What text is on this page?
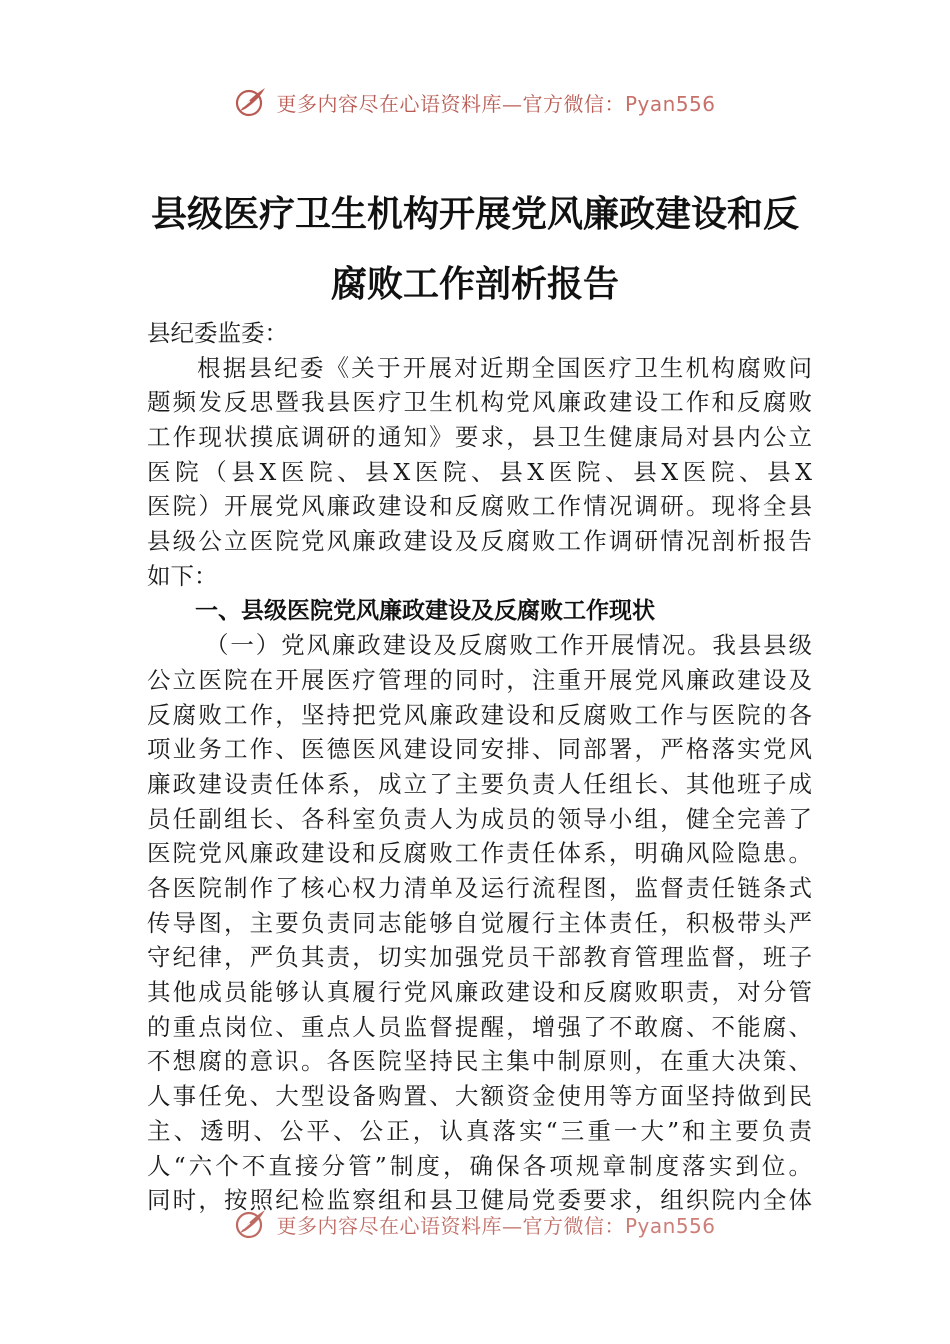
更多内容尽在心语资料库—官方微信：Pyan556
县级医疗卫生机构开展党风廉政建设和反
腐败工作剖析报告
县纪委监委：
根据县纪委《关于开展对近期全国医疗卫生机构腐败问
题频发反思暨我县医疗卫生机构党风廉政建设工作和反腐败
工作现状摸底调研的通知》要求，县卫生健康局对县内公立
医院（县X医院、县X医院、县X医院、县X医院、县X
医院）开展党风廉政建设和反腐败工作情况调研。现将全县
县级公立医院党风廉政建设及反腐败工作调研情况剖析报告
如下：
一、县级医院党风廉政建设及反腐败工作现状
（一）党风廉政建设及反腐败工作开展情况。我县县级
公立医院在开展医疗管理的同时，注重开展党风廉政建设及
反腐败工作，坚持把党风廉政建设和反腐败工作与医院的各
项业务工作、医德医风建设同安排、同部署，严格落实党风
廉政建设责任体系，成立了主要负责人任组长、其他班子成
员任副组长、各科室负责人为成员的领导小组，健全完善了
医院党风廉政建设和反腐败工作责任体系，明确风险隐患。
各医院制作了核心权力清单及运行流程图，监督责任链条式
传导图，主要负责同志能够自觉履行主体责任，积极带头严
守纪律，严负其责，切实加强党员干部教育管理监督，班子
其他成员能够认真履行党风廉政建设和反腐败职责，对分管
的重点岗位、重点人员监督提醒，增强了不敢腐、不能腐、
不想腐的意识。各医院坚持民主集中制原则，在重大决策、
人事任免、大型设备购置、大额资金使用等方面坚持做到民
主、透明、公平、公正，认真落实“三重一大”和主要负责
人“六个不直接分管”制度，确保各项规章制度落实到位。
同时，按照纪检监察组和县卫健局党委要求，组织院内全体
更多内容尽在心语资料库—官方微信：Pyan556
